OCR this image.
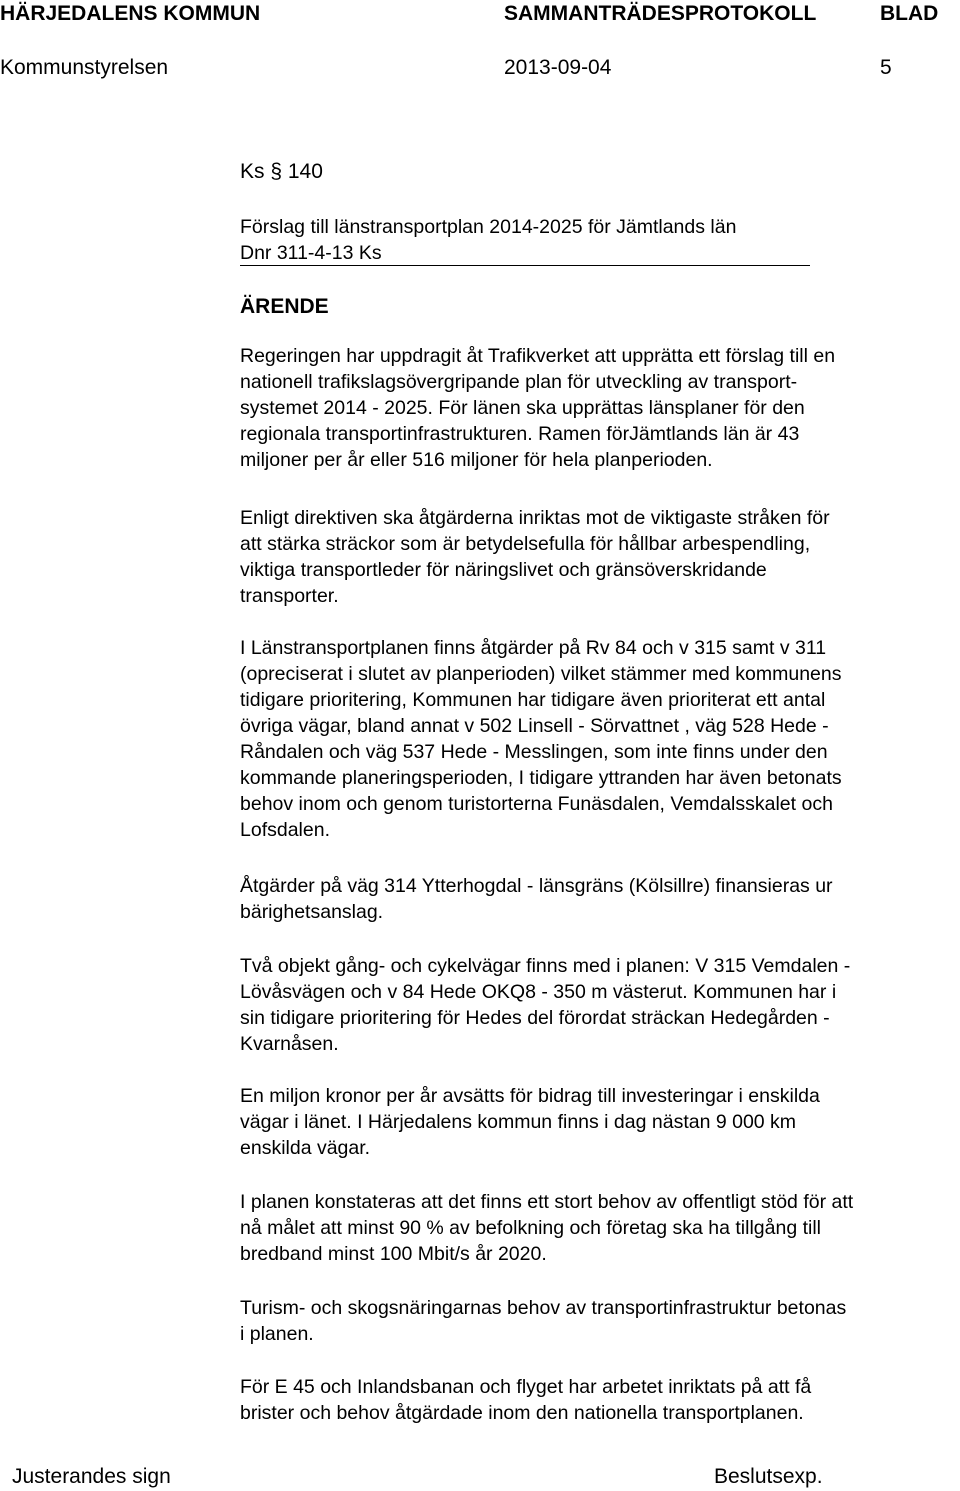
HÄRJEDALENS KOMMUN	SAMMANTRÄDESPROTOKOLL	BLAD
Kommunstyrelsen	2013-09-04	5
Ks § 140
Förslag till länstransportplan 2014-2025 för Jämtlands län
Dnr 311-4-13 Ks
ÄRENDE
Regeringen har uppdragit åt Trafikverket att upprätta ett förslag till en
nationell trafikslagsövergripande plan för utveckling av transport-
systemet 2014 - 2025. För länen ska upprättas länsplaner för den
regionala transportinfrastrukturen. Ramen förJämtlands län är 43
miljoner per år eller 516 miljoner för hela planperioden.
Enligt direktiven ska åtgärderna inriktas mot de viktigaste stråken för
att stärka sträckor som är betydelsefulla för hållbar arbespendling,
viktiga transportleder för näringslivet och gränsöverskridande
transporter.
I Länstransportplanen finns åtgärder på Rv 84 och v 315 samt v 311
(opreciserat i slutet av planperioden) vilket stämmer med kommunens
tidigare prioritering, Kommunen har tidigare även prioriterat ett antal
övriga vägar, bland annat v 502 Linsell - Sörvattnet , väg 528 Hede -
Råndalen och väg 537 Hede - Messlingen, som inte finns under den
kommande planeringsperioden, I tidigare yttranden har även betonats
behov inom och genom turistorterna Funäsdalen, Vemdalsskalet och
Lofsdalen.
Åtgärder på väg 314 Ytterhogdal - länsgräns (Kölsillre) finansieras ur
bärighetsanslag.
Två objekt gång- och cykelvägar finns med i planen: V 315 Vemdalen -
Lövåsvägen och v 84 Hede OKQ8 - 350 m västerut. Kommunen har i
sin tidigare prioritering för Hedes del förordat sträckan Hedegården -
Kvarnåsen.
En miljon kronor per år avsätts för bidrag till investeringar i enskilda
vägar i länet. I Härjedalens kommun finns i dag nästan 9 000 km
enskilda vägar.
I planen konstateras att det finns ett stort behov av offentligt stöd för att
nå målet att minst 90 % av befolkning och företag ska ha tillgång till
bredband minst 100 Mbit/s år 2020.
Turism- och skogsnäringarnas behov av transportinfrastruktur betonas
i planen.
För E 45 och Inlandsbanan och flyget har arbetet inriktats på att få
brister och behov åtgärdade inom den nationella transportplanen.
Justerandes sign	Beslutsexp.
